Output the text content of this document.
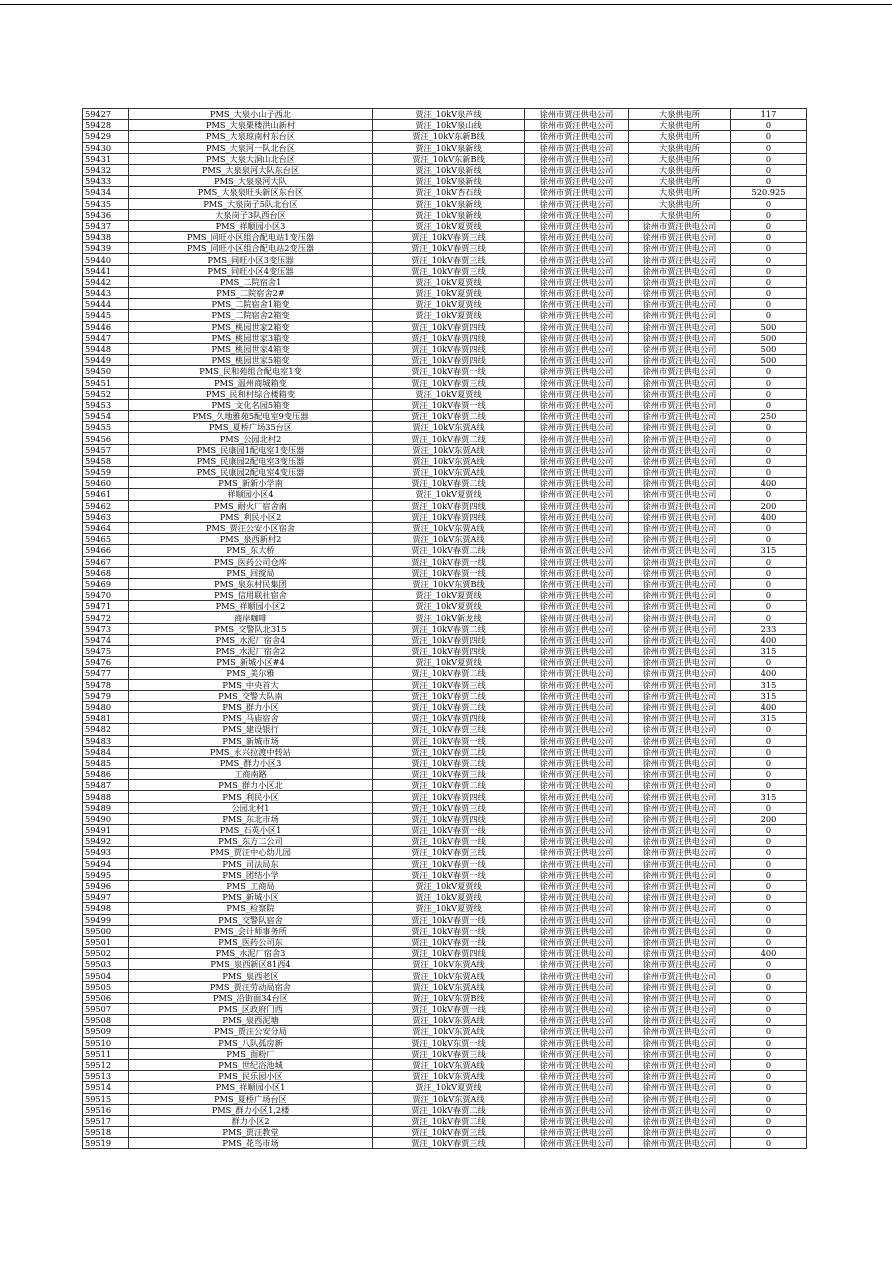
59427	PMS_大泉小山子西北	贾汪_10kV泉芦线	徐州市贾汪供电公司	大泉供电所	117
59428	PMS_大泉栗楼洪山新村	贾汪_10kV泉山线	徐州市贾汪供电公司	大泉供电所	0
59429	PMS_大泉琼南村东台区	贾汪_10kV东新B线	徐州市贾汪供电公司	大泉供电所	0
59430	PMS_大泉河一队北台区	贾汪_10kV泉新线	徐州市贾汪供电公司	大泉供电所	0
59431	PMS_大泉大洞山北台区	贾汪_10kV东新B线	徐州市贾汪供电公司	大泉供电所	0
59432	PMS_大泉泉河大队东台区	贾汪_10kV泉新线	徐州市贾汪供电公司	大泉供电所	0
59433	PMS_大泉泉河大队	贾汪_10kV泉新线	徐州市贾汪供电公司	大泉供电所	0
59434	PMS_大泉泉旺头新区东台区	贾汪_10kV杏石线	徐州市贾汪供电公司	大泉供电所	520.925
59435	PMS_大泉岗子5队北台区	贾汪_10kV泉新线	徐州市贾汪供电公司	大泉供电所	0
59436	大泉岗子3队西台区	贾汪_10kV泉新线	徐州市贾汪供电公司	大泉供电所	0
59437	PMS_祥顺园小区3	贾汪_10kV夏贾线	徐州市贾汪供电公司	徐州市贾汪供电公司	0
59438	PMS_同旺小区组合配电站1变压器	贾汪_10kV春贾三线	徐州市贾汪供电公司	徐州市贾汪供电公司	0
59439	PMS_同旺小区组合配电站2变压器	贾汪_10kV春贾三线	徐州市贾汪供电公司	徐州市贾汪供电公司	0
59440	PMS_同旺小区3变压器	贾汪_10kV春贾三线	徐州市贾汪供电公司	徐州市贾汪供电公司	0
59441	PMS_同旺小区4变压器	贾汪_10kV春贾三线	徐州市贾汪供电公司	徐州市贾汪供电公司	0
59442	PMS_二院宿舍1	贾汪_10kV夏贾线	徐州市贾汪供电公司	徐州市贾汪供电公司	0
59443	PMS_二院宿舍2#	贾汪_10kV夏贾线	徐州市贾汪供电公司	徐州市贾汪供电公司	0
59444	PMS_二院宿舍1箱变	贾汪_10kV夏贾线	徐州市贾汪供电公司	徐州市贾汪供电公司	0
59445	PMS_二院宿舍2箱变	贾汪_10kV夏贾线	徐州市贾汪供电公司	徐州市贾汪供电公司	0
59446	PMS_桃园世家2箱变	贾汪_10kV春贾四线	徐州市贾汪供电公司	徐州市贾汪供电公司	500
59447	PMS_桃园世家3箱变	贾汪_10kV春贾四线	徐州市贾汪供电公司	徐州市贾汪供电公司	500
59448	PMS_桃园世家4箱变	贾汪_10kV春贾四线	徐州市贾汪供电公司	徐州市贾汪供电公司	500
59449	PMS_桃园世家5箱变	贾汪_10kV春贾四线	徐州市贾汪供电公司	徐州市贾汪供电公司	500
59450	PMS_民和苑组合配电室1变	贾汪_10kV春贾一线	徐州市贾汪供电公司	徐州市贾汪供电公司	0
59451	PMS_温州商城箱变	贾汪_10kV春贾三线	徐州市贾汪供电公司	徐州市贾汪供电公司	0
59452	PMS_民和村综合楼箱变	贾汪_10kV夏贾线	徐州市贾汪供电公司	徐州市贾汪供电公司	0
59453	PMS_文化名园5箱变	贾汪_10kV春贾一线	徐州市贾汪供电公司	徐州市贾汪供电公司	0
59454	PMS_久地雅苑5配电室9变压器	贾汪_10kV春贾二线	徐州市贾汪供电公司	徐州市贾汪供电公司	250
59455	PMS_夏桥广场35台区	贾汪_10kV东贾A线	徐州市贾汪供电公司	徐州市贾汪供电公司	0
59456	PMS_公园北村2	贾汪_10kV春贾二线	徐州市贾汪供电公司	徐州市贾汪供电公司	0
59457	PMS_民康园1配电室1变压器	贾汪_10kV东贾A线	徐州市贾汪供电公司	徐州市贾汪供电公司	0
59458	PMS_民康园2配电室3变压器	贾汪_10kV东贾A线	徐州市贾汪供电公司	徐州市贾汪供电公司	0
59459	PMS_民康园2配电室4变压器	贾汪_10kV东贾A线	徐州市贾汪供电公司	徐州市贾汪供电公司	0
59460	PMS_新新小学南	贾汪_10kV春贾二线	徐州市贾汪供电公司	徐州市贾汪供电公司	400
59461	祥顺园小区4	贾汪_10kV夏贾线	徐州市贾汪供电公司	徐州市贾汪供电公司	0
59462	PMS_耐火厂宿舍南	贾汪_10kV春贾四线	徐州市贾汪供电公司	徐州市贾汪供电公司	200
59463	PMS_利民小区2	贾汪_10kV春贾四线	徐州市贾汪供电公司	徐州市贾汪供电公司	400
59464	PMS_贾汪公安小区宿舍	贾汪_10kV东贾A线	徐州市贾汪供电公司	徐州市贾汪供电公司	0
59465	PMS_泉西新村2	贾汪_10kV东贾A线	徐州市贾汪供电公司	徐州市贾汪供电公司	0
59466	PMS_东大桥	贾汪_10kV春贾二线	徐州市贾汪供电公司	徐州市贾汪供电公司	315
59467	PMS_医药公司仓库	贾汪_10kV春贾一线	徐州市贾汪供电公司	徐州市贾汪供电公司	0
59468	PMS_回搅局	贾汪_10kV春贾一线	徐州市贾汪供电公司	徐州市贾汪供电公司	0
59469	PMS_泉东村民集团	贾汪_10kV东贾B线	徐州市贾汪供电公司	徐州市贾汪供电公司	0
59470	PMS_信用联社宿舍	贾汪_10kV夏贾线	徐州市贾汪供电公司	徐州市贾汪供电公司	0
59471	PMS_祥顺园小区2	贾汪_10kV夏贾线	徐州市贾汪供电公司	徐州市贾汪供电公司	0
59472	商岸咖啡	贾汪_10kV新龙线	徐州市贾汪供电公司	徐州市贾汪供电公司	0
59473	PMS_交警队北315	贾汪_10kV春贾二线	徐州市贾汪供电公司	徐州市贾汪供电公司	233
59474	PMS_水泥厂宿舍4	贾汪_10kV春贾四线	徐州市贾汪供电公司	徐州市贾汪供电公司	400
59475	PMS_水泥厂宿舍2	贾汪_10kV春贾四线	徐州市贾汪供电公司	徐州市贾汪供电公司	315
59476	PMS_新城小区#4	贾汪_10kV夏贾线	徐州市贾汪供电公司	徐州市贾汪供电公司	0
59477	PMS_美尔雅	贾汪_10kV春贾二线	徐州市贾汪供电公司	徐州市贾汪供电公司	400
59478	PMS_中央首大	贾汪_10kV春贾三线	徐州市贾汪供电公司	徐州市贾汪供电公司	315
59479	PMS_交警大队南	贾汪_10kV春贾二线	徐州市贾汪供电公司	徐州市贾汪供电公司	315
59480	PMS_群力小区	贾汪_10kV春贾二线	徐州市贾汪供电公司	徐州市贾汪供电公司	400
59481	PMS_马庙宿舍	贾汪_10kV春贾四线	徐州市贾汪供电公司	徐州市贾汪供电公司	315
59482	PMS_建设银行	贾汪_10kV春贾三线	徐州市贾汪供电公司	徐州市贾汪供电公司	0
59483	PMS_新城市场	贾汪_10kV春贾一线	徐州市贾汪供电公司	徐州市贾汪供电公司	0
59484	PMS_永兴拉渡中转站	贾汪_10kV春贾二线	徐州市贾汪供电公司	徐州市贾汪供电公司	0
59485	PMS_群力小区3	贾汪_10kV春贾二线	徐州市贾汪供电公司	徐州市贾汪供电公司	0
59486	工商南路	贾汪_10kV春贾三线	徐州市贾汪供电公司	徐州市贾汪供电公司	0
59487	PMS_群力小区北	贾汪_10kV春贾二线	徐州市贾汪供电公司	徐州市贾汪供电公司	0
59488	PMS_利民小区	贾汪_10kV春贾四线	徐州市贾汪供电公司	徐州市贾汪供电公司	315
59489	公园北村1	贾汪_10kV春贾三线	徐州市贾汪供电公司	徐州市贾汪供电公司	0
59490	PMS_东北市场	贾汪_10kV春贾四线	徐州市贾汪供电公司	徐州市贾汪供电公司	200
59491	PMS_石英小区1	贾汪_10kV春贾一线	徐州市贾汪供电公司	徐州市贾汪供电公司	0
59492	PMS_东方二公司	贾汪_10kV春贾一线	徐州市贾汪供电公司	徐州市贾汪供电公司	0
59493	PMS_贾汪中心幼儿园	贾汪_10kV春贾三线	徐州市贾汪供电公司	徐州市贾汪供电公司	0
59494	PMS_司法局东	贾汪_10kV春贾一线	徐州市贾汪供电公司	徐州市贾汪供电公司	0
59495	PMS_团结小学	贾汪_10kV春贾一线	徐州市贾汪供电公司	徐州市贾汪供电公司	0
59496	PMS_工商局	贾汪_10kV夏贾线	徐州市贾汪供电公司	徐州市贾汪供电公司	0
59497	PMS_新城小区	贾汪_10kV夏贾线	徐州市贾汪供电公司	徐州市贾汪供电公司	0
59498	PMS_检察院	贾汪_10kV夏贾线	徐州市贾汪供电公司	徐州市贾汪供电公司	0
59499	PMS_交警队宿舍	贾汪_10kV春贾一线	徐州市贾汪供电公司	徐州市贾汪供电公司	0
59500	PMS_会计师事务所	贾汪_10kV春贾一线	徐州市贾汪供电公司	徐州市贾汪供电公司	0
59501	PMS_医药公司东	贾汪_10kV春贾一线	徐州市贾汪供电公司	徐州市贾汪供电公司	0
59502	PMS_水泥厂宿舍3	贾汪_10kV春贾四线	徐州市贾汪供电公司	徐州市贾汪供电公司	400
59503	PMS_泉西新区81西4	贾汪_10kV东贾A线	徐州市贾汪供电公司	徐州市贾汪供电公司	0
59504	PMS_泉西老区	贾汪_10kV东贾A线	徐州市贾汪供电公司	徐州市贾汪供电公司	0
59505	PMS_贾汪劳动局宿舍	贾汪_10kV东贾A线	徐州市贾汪供电公司	徐州市贾汪供电公司	0
59506	PMS_沿街面34台区	贾汪_10kV东贾B线	徐州市贾汪供电公司	徐州市贾汪供电公司	0
59507	PMS_区政府门西	贾汪_10kV春贾一线	徐州市贾汪供电公司	徐州市贾汪供电公司	0
59508	PMS_泉西泥塘	贾汪_10kV东贾A线	徐州市贾汪供电公司	徐州市贾汪供电公司	0
59509	PMS_贾汪公安分局	贾汪_10kV东贾A线	徐州市贾汪供电公司	徐州市贾汪供电公司	0
59510	PMS_八队孤房新	贾汪_10kV东贾一线	徐州市贾汪供电公司	徐州市贾汪供电公司	0
59511	PMS_面粉厂	贾汪_10kV春贾三线	徐州市贾汪供电公司	徐州市贾汪供电公司	0
59512	PMS_世纪浴池城	贾汪_10kV东贾A线	徐州市贾汪供电公司	徐州市贾汪供电公司	0
59513	PMS_民乐园小区	贾汪_10kV东贾A线	徐州市贾汪供电公司	徐州市贾汪供电公司	0
59514	PMS_祥顺园小区1	贾汪_10kV夏贾线	徐州市贾汪供电公司	徐州市贾汪供电公司	0
59515	PMS_夏桥广场台区	贾汪_10kV东贾A线	徐州市贾汪供电公司	徐州市贾汪供电公司	0
59516	PMS_群力小区1,2楼	贾汪_10kV春贾二线	徐州市贾汪供电公司	徐州市贾汪供电公司	0
59517	群力小区2	贾汪_10kV春贾二线	徐州市贾汪供电公司	徐州市贾汪供电公司	0
59518	PMS_贾汪教堂	贾汪_10kV春贾三线	徐州市贾汪供电公司	徐州市贾汪供电公司	0
59519	PMS_花鸟市场	贾汪_10kV春贾三线	徐州市贾汪供电公司	徐州市贾汪供电公司	0
